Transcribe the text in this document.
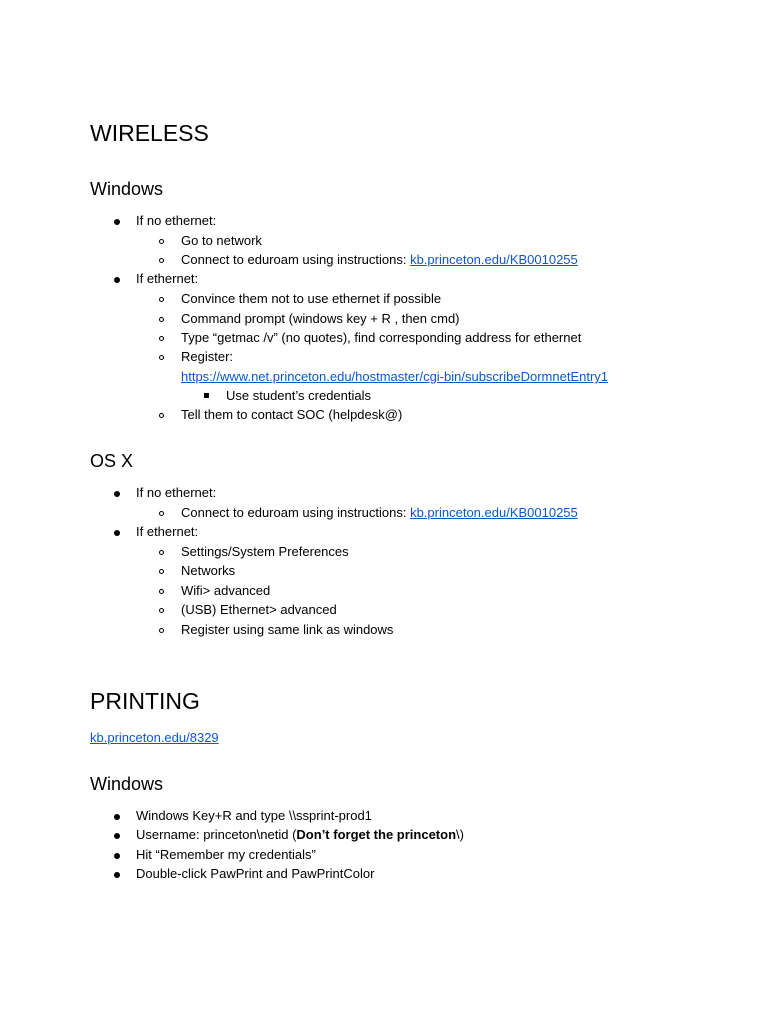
WIRELESS
Windows
If no ethernet:
Go to network
Connect to eduroam using instructions: kb.princeton.edu/KB0010255
If ethernet:
Convince them not to use ethernet if possible
Command prompt (windows key + R , then cmd)
Type “getmac /v” (no quotes), find corresponding address for ethernet
Register:
https://www.net.princeton.edu/hostmaster/cgi-bin/subscribeDormnetEntry1
Use student’s credentials
Tell them to contact SOC (helpdesk@)
OS X
If no ethernet:
Connect to eduroam using instructions: kb.princeton.edu/KB0010255
If ethernet:
Settings/System Preferences
Networks
Wifi> advanced
(USB) Ethernet> advanced
Register using same link as windows
PRINTING
kb.princeton.edu/8329
Windows
Windows Key+R and type \\ssprint-prod1
Username: princeton\netid (Don’t forget the princeton\)
Hit “Remember my credentials”
Double-click PawPrint and PawPrintColor
